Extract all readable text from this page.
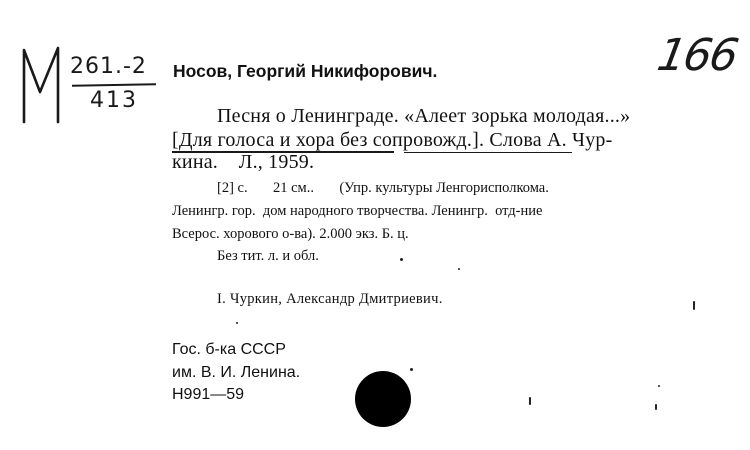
261.-2
413
166
Носов, Георгий Никифорович.
Песня о Ленинграде. «Алеет зорька молодая...»
[Для голоса и хора без сопровожд.]. Слова А. Чур-
кина.    Л., 1959.
[2] с.       21 см..       (Упр. культуры Ленгорисполкома.
Ленингр. гор.  дом народного творчества. Ленингр.  отд-ние
Всерос. хорового о-ва). 2.000 экз. Б. ц.
Без тит. л. и обл.
I. Чуркин, Александр Дмитриевич.
Гос. б-ка СССР
им. В. И. Ленина.
Н991—59
